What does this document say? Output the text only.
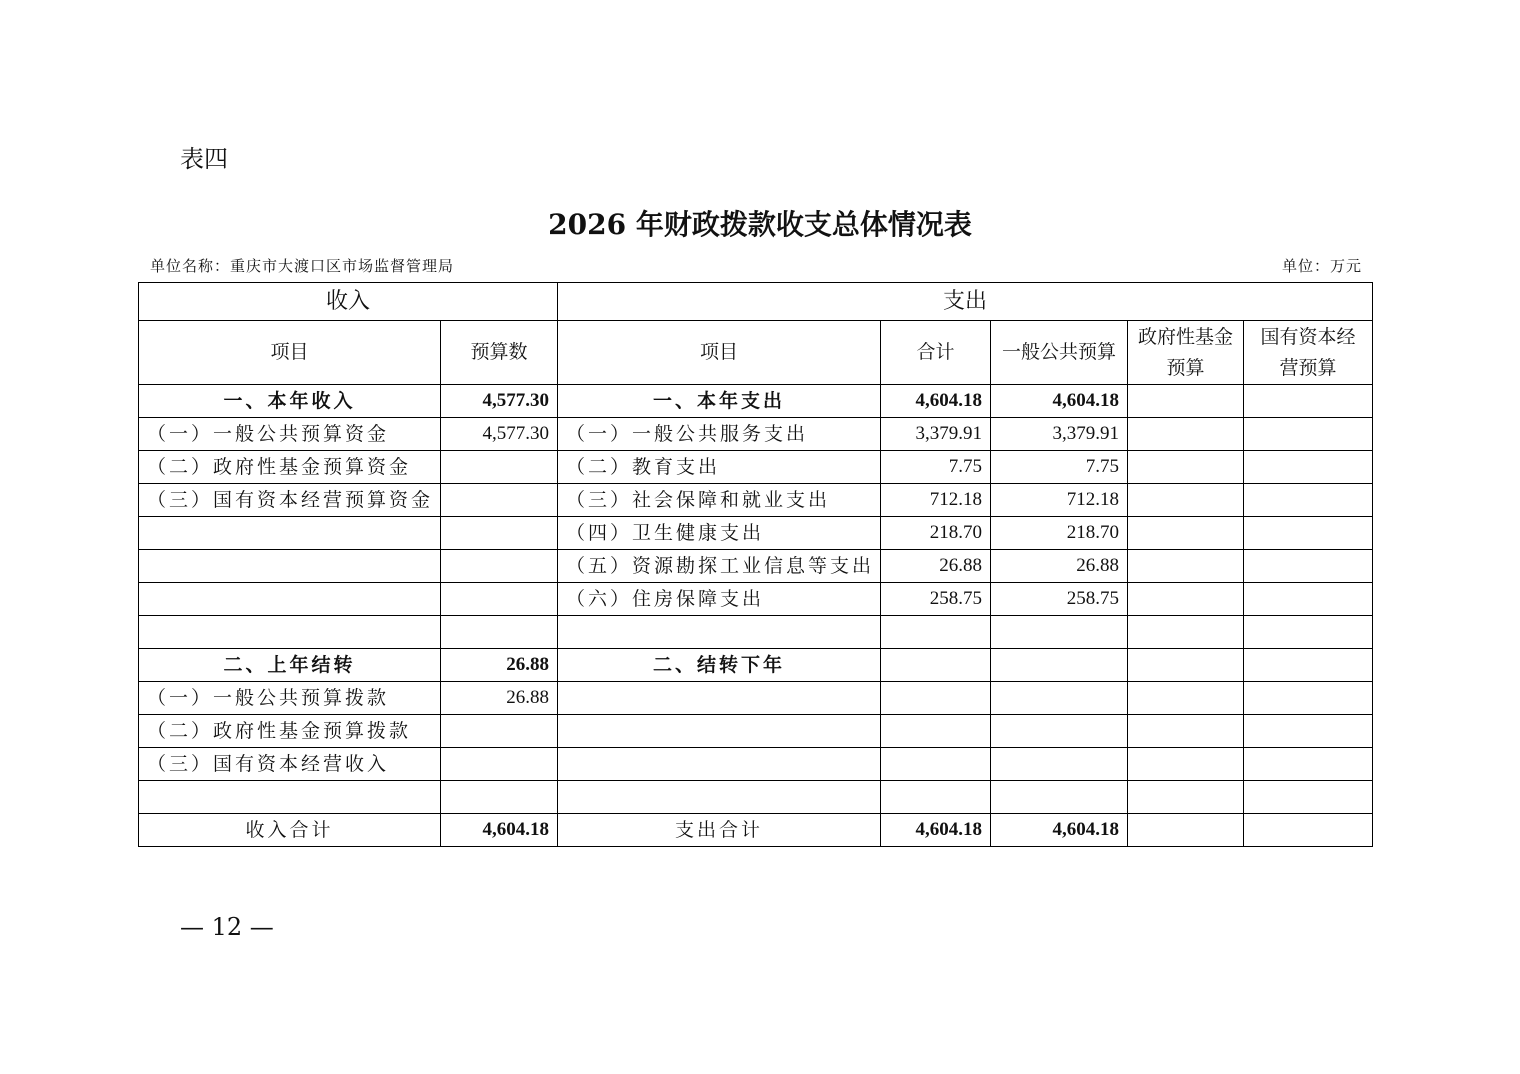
表四
2026 年财政拨款收支总体情况表
单位名称：重庆市大渡口区市场监督管理局	单位：万元
收入		支出				
项目	预算数	项目	合计	一般公共预算	政府性基金预算	国有资本经营预算
一、本年收入	4,577.30	一、本年支出	4,604.18	4,604.18		
（一）一般公共预算资金	4,577.30	（一）一般公共服务支出	3,379.91	3,379.91		
（二）政府性基金预算资金		（二）教育支出	7.75	7.75		
（三）国有资本经营预算资金		（三）社会保障和就业支出	712.18	712.18		
		（四）卫生健康支出	218.70	218.70		
		（五）资源勘探工业信息等支出	26.88	26.88		
		（六）住房保障支出	258.75	258.75		

二、上年结转	26.88	二、结转下年				
（一）一般公共预算拨款	26.88					
（二）政府性基金预算拨款						
（三）国有资本经营收入						

收入合计	4,604.18	支出合计	4,604.18	4,604.18		
— 12 —
